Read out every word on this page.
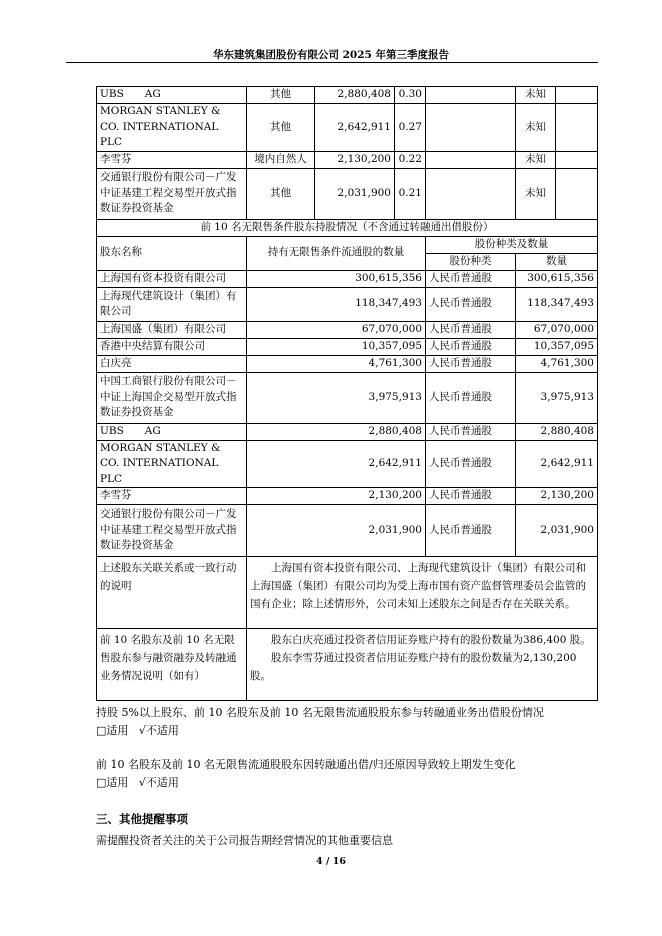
华东建筑集团股份有限公司 2025 年第三季度报告
UBS　　AG	其他	2,880,408	0.30		未知	
MORGAN STANLEY & CO. INTERNATIONAL PLC	其他	2,642,911	0.27		未知	
李雪芬	境内自然人	2,130,200	0.22		未知	
交通银行股份有限公司－广发中证基建工程交易型开放式指数证券投资基金	其他	2,031,900	0.21		未知	
前 10 名无限售条件股东持股情况（不含通过转融通出借股份）						
股东名称	持有无限售条件流通股的数量			股份种类及数量		
				股份种类	数量	
上海国有资本投资有限公司	300,615,356			人民币普通股	300,615,356	
上海现代建筑设计（集团）有限公司	118,347,493			人民币普通股	118,347,493	
上海国盛（集团）有限公司	67,070,000			人民币普通股	67,070,000	
香港中央结算有限公司	10,357,095			人民币普通股	10,357,095	
白庆亮	4,761,300			人民币普通股	4,761,300	
中国工商银行股份有限公司－中证上海国企交易型开放式指数证券投资基金	3,975,913			人民币普通股	3,975,913	
UBS　　AG	2,880,408			人民币普通股	2,880,408	
MORGAN STANLEY & CO. INTERNATIONAL PLC	2,642,911			人民币普通股	2,642,911	
李雪芬	2,130,200			人民币普通股	2,130,200	
交通银行股份有限公司－广发中证基建工程交易型开放式指数证券投资基金	2,031,900			人民币普通股	2,031,900	
上述股东关联关系或一致行动的说明	上海国有资本投资有限公司、上海现代建筑设计（集团）有限公司和上海国盛（集团）有限公司均为受上海市国有资产监督管理委员会监管的国有企业；除上述情形外，公司未知上述股东之间是否存在关联关系。					
前 10 名股东及前 10 名无限售股东参与融资融券及转融通业务情况说明（如有）	股东白庆亮通过投资者信用证券账户持有的股份数量为386,400 股。
股东李雪芬通过投资者信用证券账户持有的股份数量为2,130,200 股。					
持股 5%以上股东、前 10 名股东及前 10 名无限售流通股股东参与转融通业务出借股份情况
□适用 √不适用
前 10 名股东及前 10 名无限售流通股股东因转融通出借/归还原因导致较上期发生变化
□适用 √不适用
三、其他提醒事项
需提醒投资者关注的关于公司报告期经营情况的其他重要信息
4 / 16
